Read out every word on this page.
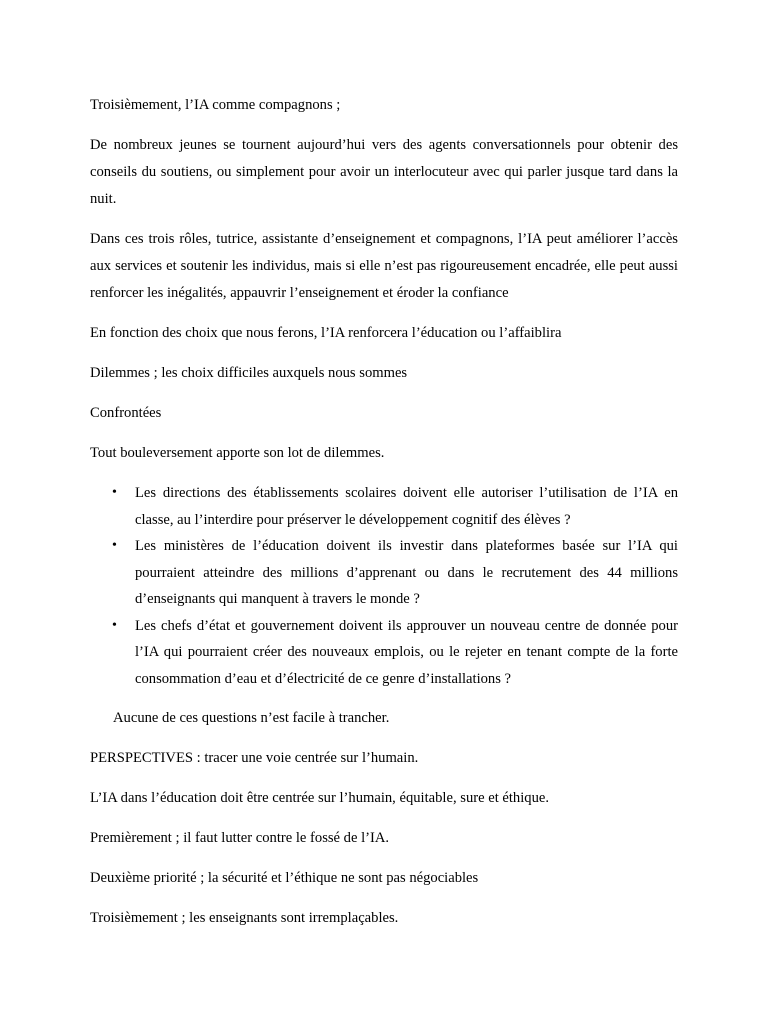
Troisièmement, l’IA comme compagnons ;

De nombreux jeunes se tournent aujourd’hui vers des agents conversationnels pour obtenir des conseils du soutiens, ou simplement pour avoir un interlocuteur avec qui parler jusque tard dans la nuit.

Dans ces trois rôles, tutrice, assistante d’enseignement et compagnons, l’IA peut améliorer l’accès aux services et soutenir les individus, mais si elle n’est pas rigoureusement encadrée, elle peut aussi renforcer les inégalités, appauvrir l’enseignement et éroder la confiance

En fonction des choix que nous ferons, l’IA renforcera l’éducation ou l’affaiblira

Dilemmes ; les choix difficiles auxquels nous sommes

Confrontées

Tout bouleversement apporte son lot de dilemmes.

• Les directions des établissements scolaires doivent elle autoriser l’utilisation de l’IA en classe, au l’interdire pour préserver le développement cognitif des élèves ?
• Les ministères de l’éducation doivent ils investir dans plateformes basée sur l’IA qui pourraient atteindre des millions d’apprenant ou dans le recrutement des 44 millions d’enseignants qui manquent à travers le monde ?
• Les chefs d’état et gouvernement doivent ils approuver un nouveau centre de donnée pour l’IA qui pourraient créer des nouveaux emplois, ou le rejeter en tenant compte de la forte consommation d’eau et d’électricité de ce genre d’installations ?

Aucune de ces questions n’est facile à trancher.

PERSPECTIVES : tracer une voie centrée sur l’humain.

L’IA dans l’éducation doit être centrée sur l’humain, équitable, sure et éthique.

Premièrement ; il faut lutter contre le fossé de l’IA.

Deuxième priorité ; la sécurité et l’éthique ne sont pas négociables

Troisièmement ; les enseignants sont irremplaçables.
